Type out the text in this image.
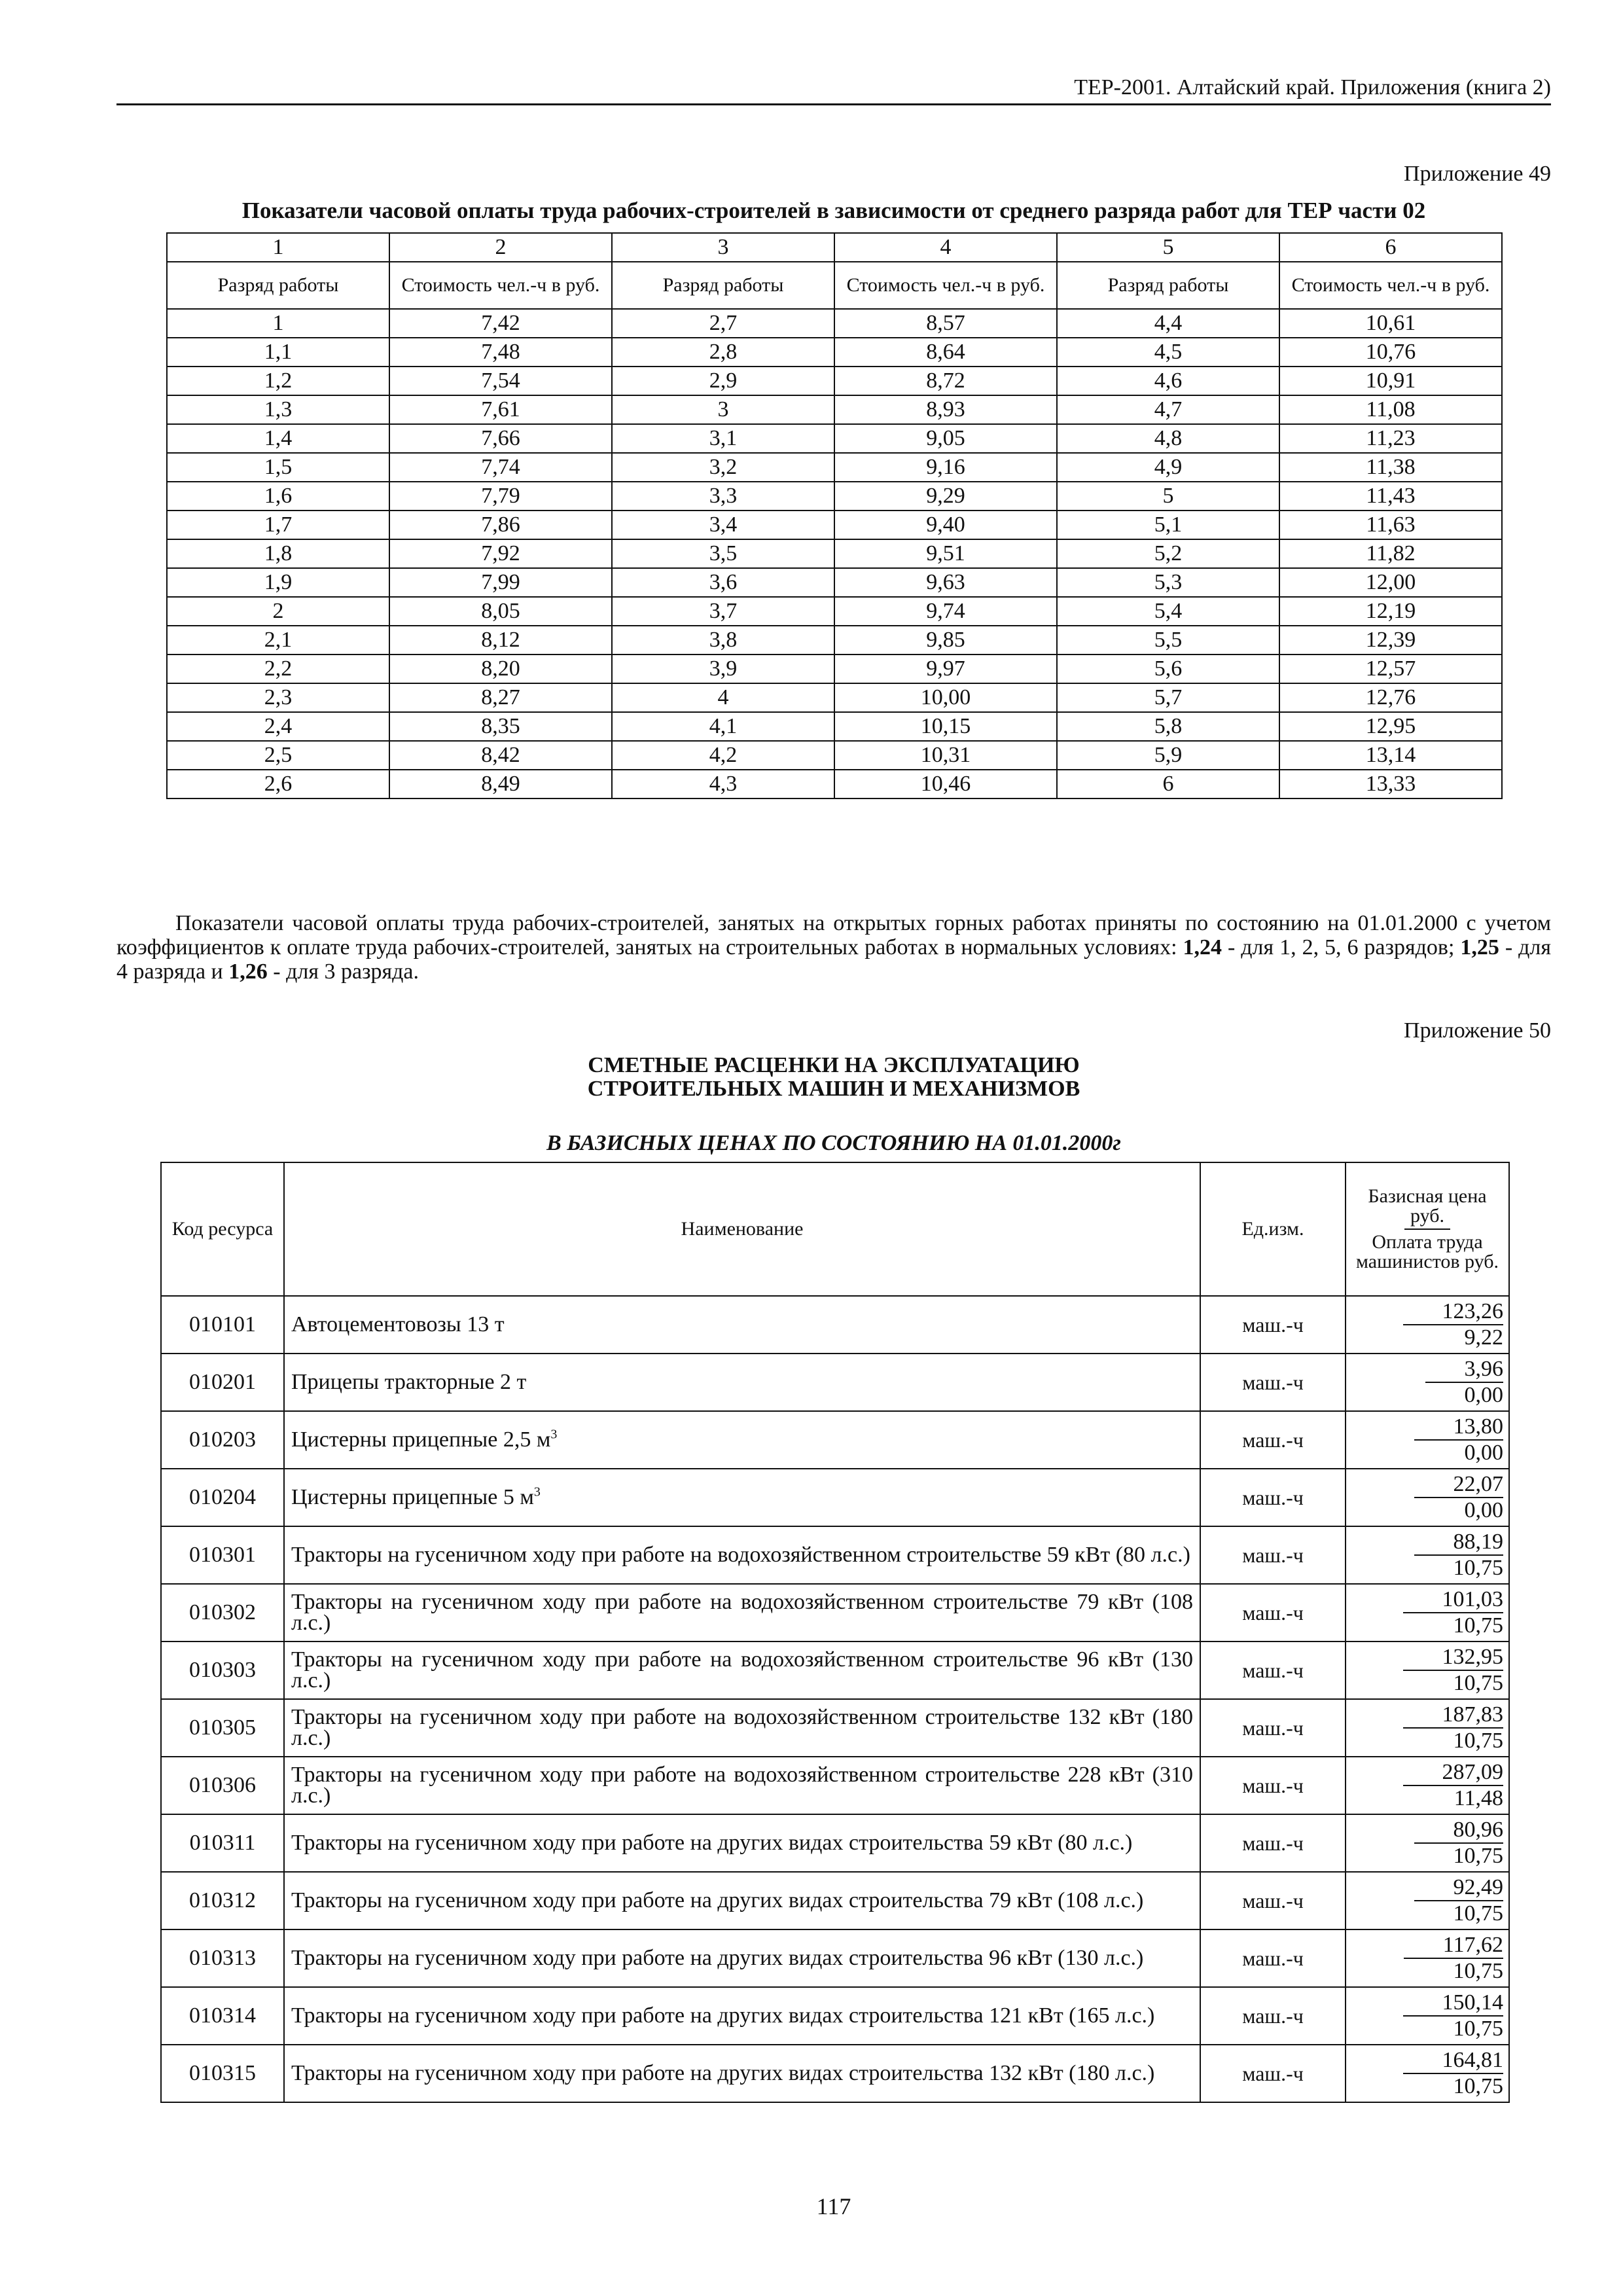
ТЕР-2001. Алтайский край. Приложения (книга 2)
Приложение 49
Показатели часовой оплаты труда рабочих-строителей в зависимости от среднего разряда работ для ТЕР части 02
1	2	3	4	5	6
Разряд работы	Стоимость чел.-ч в руб.	Разряд работы	Стоимость чел.-ч в руб.	Разряд работы	Стоимость чел.-ч в руб.
1	7,42	2,7	8,57	4,4	10,61
1,1	7,48	2,8	8,64	4,5	10,76
1,2	7,54	2,9	8,72	4,6	10,91
1,3	7,61	3	8,93	4,7	11,08
1,4	7,66	3,1	9,05	4,8	11,23
1,5	7,74	3,2	9,16	4,9	11,38
1,6	7,79	3,3	9,29	5	11,43
1,7	7,86	3,4	9,40	5,1	11,63
1,8	7,92	3,5	9,51	5,2	11,82
1,9	7,99	3,6	9,63	5,3	12,00
2	8,05	3,7	9,74	5,4	12,19
2,1	8,12	3,8	9,85	5,5	12,39
2,2	8,20	3,9	9,97	5,6	12,57
2,3	8,27	4	10,00	5,7	12,76
2,4	8,35	4,1	10,15	5,8	12,95
2,5	8,42	4,2	10,31	5,9	13,14
2,6	8,49	4,3	10,46	6	13,33
Показатели часовой оплаты труда рабочих-строителей, занятых на открытых горных работах приняты по состоянию на 01.01.2000 с учетом коэффициентов к оплате труда рабочих-строителей, занятых на строительных работах в нормальных условиях: 1,24 - для 1, 2, 5, 6 разрядов; 1,25 - для 4 разряда и 1,26 - для 3 разряда.
Приложение 50
СМЕТНЫЕ РАСЦЕНКИ НА ЭКСПЛУАТАЦИЮ
СТРОИТЕЛЬНЫХ МАШИН И МЕХАНИЗМОВ
В БАЗИСНЫХ ЦЕНАХ ПО СОСТОЯНИЮ НА 01.01.2000г
Код ресурса	Наименование	Ед.изм.	Базисная цена руб.
Оплата труда машинистов руб.
010101	Автоцементовозы 13 т	маш.-ч	$\frac{123,26}{9,22}$

010201	Прицепы тракторные 2 т	маш.-ч	$\frac{3,96}{0,00}$

010203	Цистерны прицепные 2,5 $м^3$	маш.-ч	$\frac{13,80}{0,00}$

010204	Цистерны прицепные 5 $м^3$	маш.-ч	$\frac{22,07}{0,00}$

010301	Тракторы на гусеничном ходу при работе на водохозяйственном строительстве 59 кВт (80 л.с.)	маш.-ч	$\frac{88,19}{10,75}$

010302	Тракторы на гусеничном ходу при работе на водохозяйственном строительстве 79 кВт (108 л.с.)	маш.-ч	$\frac{101,03}{10,75}$

010303	Тракторы на гусеничном ходу при работе на водохозяйственном строительстве 96 кВт (130 л.с.)	маш.-ч	$\frac{132,95}{10,75}$

010305	Тракторы на гусеничном ходу при работе на водохозяйственном строительстве 132 кВт (180 л.с.)	маш.-ч	$\frac{187,83}{10,75}$

010306	Тракторы на гусеничном ходу при работе на водохозяйственном строительстве 228 кВт (310 л.с.)	маш.-ч	$\frac{287,09}{11,48}$

010311	Тракторы на гусеничном ходу при работе на других видах строительства 59 кВт (80 л.с.)	маш.-ч	$\frac{80,96}{10,75}$

010312	Тракторы на гусеничном ходу при работе на других видах строительства 79 кВт (108 л.с.)	маш.-ч	$\frac{92,49}{10,75}$

010313	Тракторы на гусеничном ходу при работе на других видах строительства 96 кВт (130 л.с.)	маш.-ч	$\frac{117,62}{10,75}$

010314	Тракторы на гусеничном ходу при работе на других видах строительства 121 кВт (165 л.с.)	маш.-ч	$\frac{150,14}{10,75}$

010315	Тракторы на гусеничном ходу при работе на других видах строительства 132 кВт (180 л.с.)	маш.-ч	$\frac{164,81}{10,75}$
117
